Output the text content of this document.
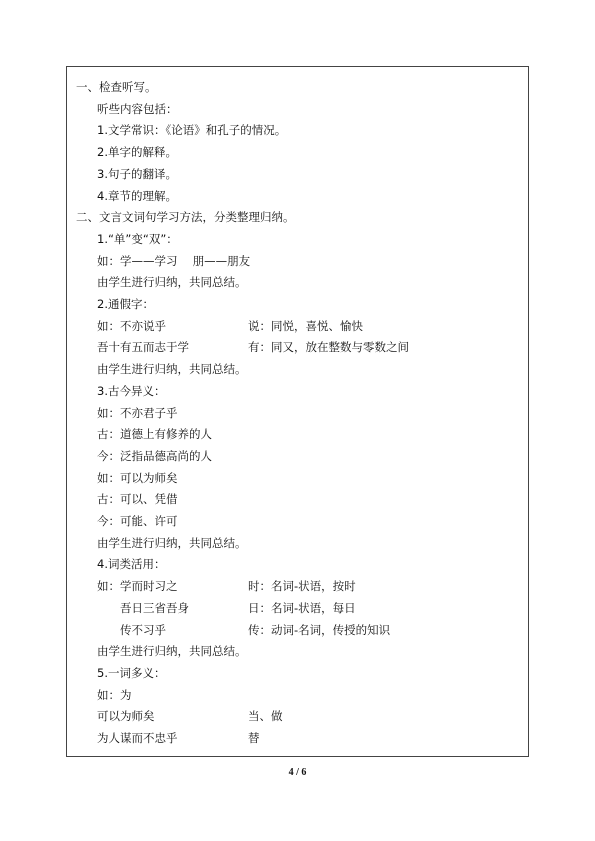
一、检查听写。
听些内容包括：
1.文学常识：《论语》和孔子的情况。
2.单字的解释。
3.句子的翻译。
4.章节的理解。
二、文言文词句学习方法，分类整理归纳。
1.“单”变“双”：
如：学——学习　 朋——朋友
由学生进行归纳，共同总结。
2.通假字：
如：不亦说乎
吾十有五而志于学
由学生进行归纳，共同总结。
3.古今异义：
如：不亦君子乎
古：道德上有修养的人
今：泛指品德高尚的人
如：可以为师矣
古：可以、凭借
今：可能、许可
由学生进行归纳，共同总结。
4.词类活用：
如：学而时习之
吾日三省吾身
传不习乎
由学生进行归纳，共同总结。
5.一词多义：
如：为
可以为师矣
为人谋而不忠乎
说：同悦，喜悦、愉快
有：同又，放在整数与零数之间
时：名词-状语，按时
日：名词-状语，每日
传：动词-名词，传授的知识
当、做
替
4 / 6
